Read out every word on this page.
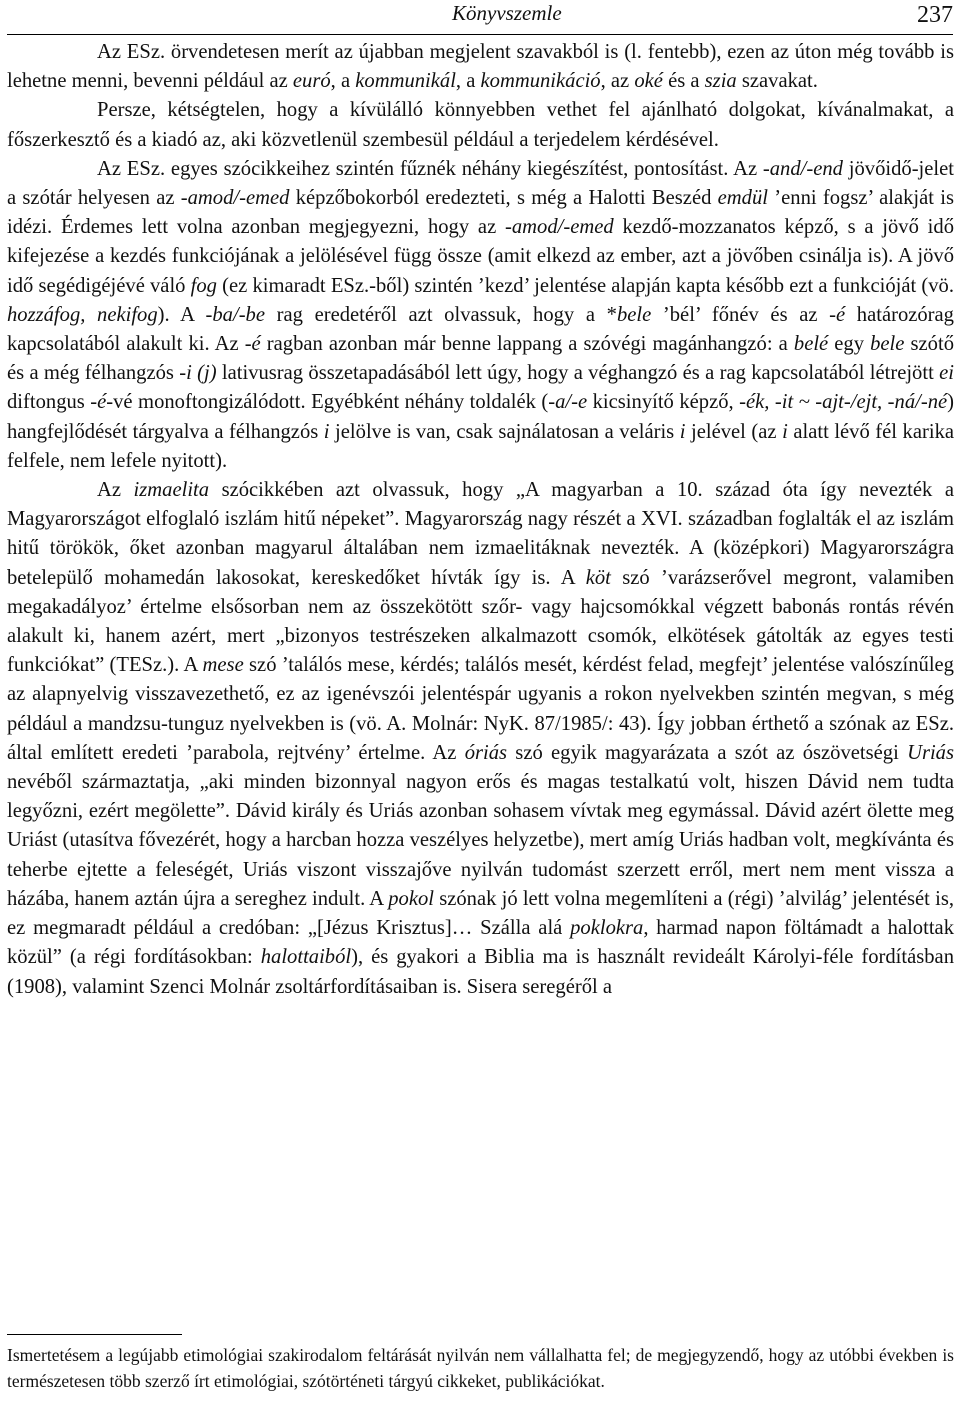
Könyvszemle	237

Az ESz. örvendetesen merít az újabban megjelent szavakból is (l. fentebb), ezen az úton még tovább is lehetne menni, bevenni például az euró, a kommunikál, a kommunikáció, az oké és a szia szavakat.

Persze, kétségtelen, hogy a kívülálló könnyebben vethet fel ajánlható dolgokat, kívánalmakat, a főszerkesztő és a kiadó az, aki közvetlenül szembesül például a terjedelem kérdésével.

Az ESz. egyes szócikkeihez szintén fűznék néhány kiegészítést, pontosítást. Az -and/-end jövőidő-jelet a szótár helyesen az -amod/-emed képzőbokorból eredezteti, s még a Halotti Beszéd emdül ’enni fogsz’ alakját is idézi. Érdemes lett volna azonban megjegyezni, hogy az -amod/-emed kezdő-mozzanatos képző, s a jövő idő kifejezése a kezdés funkciójának a jelölésével függ össze (amit elkezd az ember, azt a jövőben csinálja is). A jövő idő segédigéjévé váló fog (ez kimaradt ESz.-ből) szintén ’kezd’ jelentése alapján kapta később ezt a funkcióját (vö. hozzáfog, nekifog). A -ba/-be rag eredetéről azt olvassuk, hogy a *bele ’bél’ főnév és az -é határozórag kapcsolatából alakult ki. Az -é ragban azonban már benne lappang a szóvégi magánhangzó: a belé egy bele szótő és a még félhangzós -i (j) lativusrag összetapadásából lett úgy, hogy a véghangzó és a rag kapcsolatából létrejött ei diftongus -é-vé monoftongizálódott. Egyébként néhány toldalék (-a/-e kicsinyítő képző, -ék, -it ~ -ajt-/ejt, -ná/-né) hangfejlődését tárgyalva a félhangzós i jelölve is van, csak sajnálatosan a veláris i jelével (az i alatt lévő fél karika felfele, nem lefele nyitott).

Az izmaelita szócikkében azt olvassuk, hogy „A magyarban a 10. század óta így nevezték a Magyarországot elfoglaló iszlám hitű népeket”. Magyarország nagy részét a XVI. században foglalták el az iszlám hitű törökök, őket azonban magyarul általában nem izmaelitáknak nevezték. A (középkori) Magyarországra betelepülő mohamedán lakosokat, kereskedőket hívták így is. A köt szó ’varázserővel megront, valamiben megakadályoz’ értelme elsősorban nem az összekötött szőr- vagy hajcsomókkal végzett babonás rontás révén alakult ki, hanem azért, mert „bizonyos testrészeken alkalmazott csomók, elkötések gátolták az egyes testi funkciókat” (TESz.). A mese szó ’találós mese, kérdés; találós mesét, kérdést felad, megfejt’ jelentése valószínűleg az alapnyelvig visszavezethető, ez az igenévszói jelentéspár ugyanis a rokon nyelvekben szintén megvan, s még például a mandzsu-tunguz nyelvekben is (vö. A. Molnár: NyK. 87/1985/: 43). Így jobban érthető a szónak az ESz. által említett eredeti ’parabola, rejtvény’ értelme. Az óriás szó egyik magyarázata a szót az ószövetségi Uriás nevéből származtatja, „aki minden bizonnyal nagyon erős és magas testalkatú volt, hiszen Dávid nem tudta legyőzni, ezért megölette”. Dávid király és Uriás azonban sohasem vívtak meg egymással. Dávid azért ölette meg Uriást (utasítva fővezérét, hogy a harcban hozza veszélyes helyzetbe), mert amíg Uriás hadban volt, megkívánta és teherbe ejtette a feleségét, Uriás viszont visszajőve nyilván tudomást szerzett erről, mert nem ment vissza a házába, hanem aztán újra a sereghez indult. A pokol szónak jó lett volna megemlíteni a (régi) ’alvilág’ jelentését is, ez megmaradt például a credóban: „[Jézus Krisztus]… Szálla alá poklokra, harmad napon föltámadt a halottak közül” (a régi fordításokban: halottaiból), és gyakori a Biblia ma is használt revideált Károlyi-féle fordításban (1908), valamint Szenci Molnár zsoltárfordításaiban is. Sisera seregéről a

Ismertetésem a legújabb etimológiai szakirodalom feltárását nyilván nem vállalhatta fel; de megjegyzendő, hogy az utóbbi években is természetesen több szerző írt etimológiai, szótörténeti tárgyú cikkeket, publikációkat.
